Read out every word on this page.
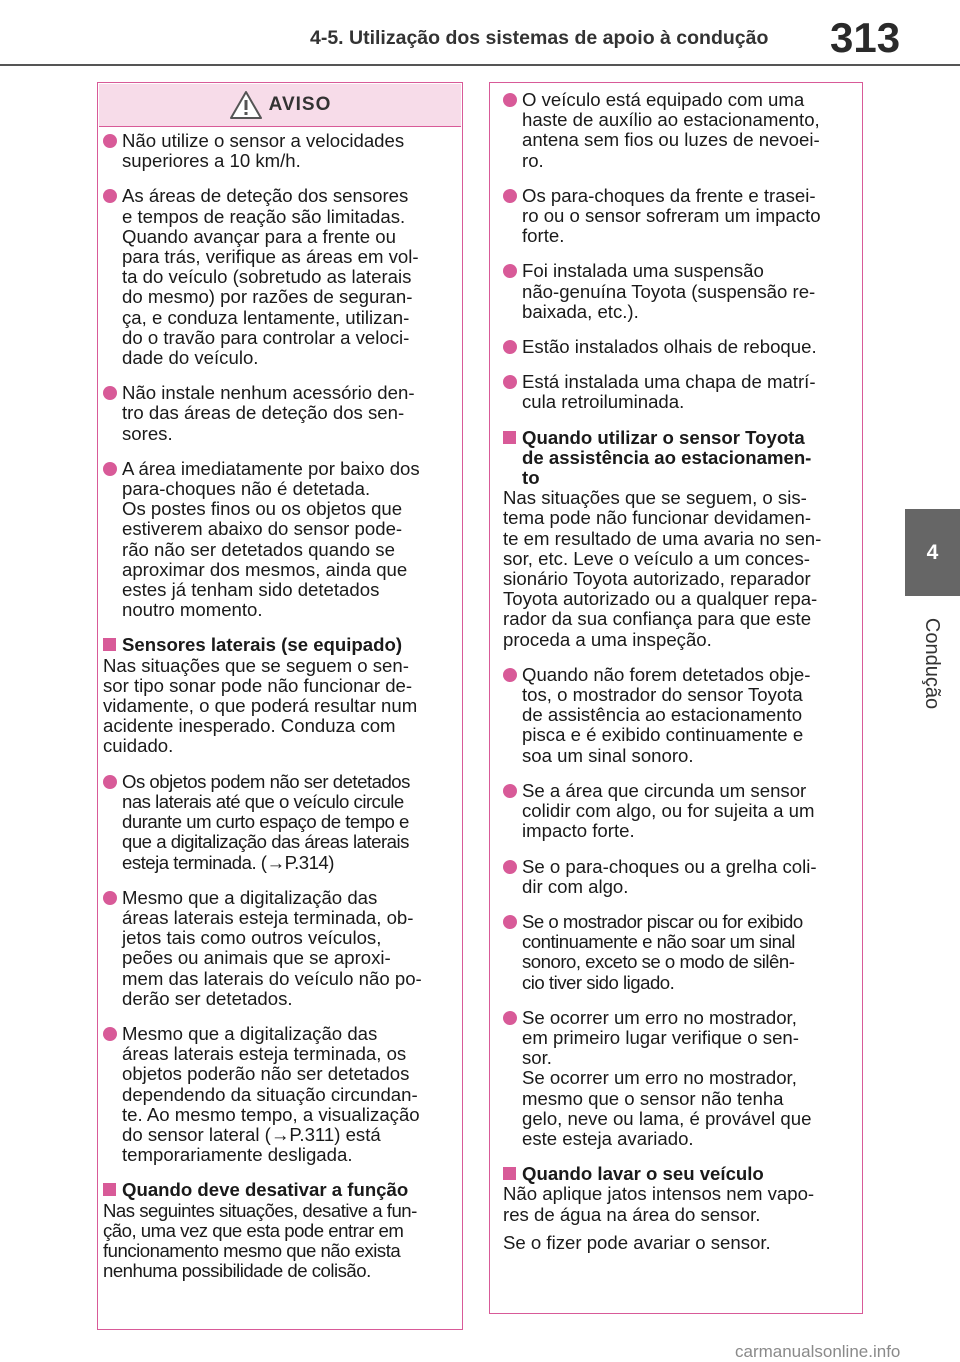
4-5. Utilização dos sistemas de apoio à condução 313
4
Condução
AVISO
Não utilize o sensor a velocidades
superiores a 10 km/h.
As áreas de deteção dos sensores
e tempos de reação são limitadas.
Quando avançar para a frente ou
para trás, verifique as áreas em vol-
ta do veículo (sobretudo as laterais
do mesmo) por razões de seguran-
ça, e conduza lentamente, utilizan-
do o travão para controlar a veloci-
dade do veículo.
Não instale nenhum acessório den-
tro das áreas de deteção dos sen-
sores.
A área imediatamente por baixo dos
para-choques não é detetada.
Os postes finos ou os objetos que
estiverem abaixo do sensor pode-
rão não ser detetados quando se
aproximar dos mesmos, ainda que
estes já tenham sido detetados
noutro momento.
Sensores laterais (se equipado)
Nas situações que se seguem o sen-
sor tipo sonar pode não funcionar de-
vidamente, o que poderá resultar num
acidente inesperado. Conduza com
cuidado.
Os objetos podem não ser detetados
nas laterais até que o veículo circule
durante um curto espaço de tempo e
que a digitalização das áreas laterais
esteja terminada. (→P.314)
Mesmo que a digitalização das
áreas laterais esteja terminada, ob-
jetos tais como outros veículos,
peões ou animais que se aproxi-
mem das laterais do veículo não po-
derão ser detetados.
Mesmo que a digitalização das
áreas laterais esteja terminada, os
objetos poderão não ser detetados
dependendo da situação circundan-
te. Ao mesmo tempo, a visualização
do sensor lateral (→P.311) está
temporariamente desligada.
Quando deve desativar a função
Nas seguintes situações, desative a fun-
ção, uma vez que esta pode entrar em
funcionamento mesmo que não exista
nenhuma possibilidade de colisão.
O veículo está equipado com uma
haste de auxílio ao estacionamento,
antena sem fios ou luzes de nevoei-
ro.
Os para-choques da frente e trasei-
ro ou o sensor sofreram um impacto
forte.
Foi instalada uma suspensão
não-genuína Toyota (suspensão re-
baixada, etc.).
Estão instalados olhais de reboque.
Está instalada uma chapa de matrí-
cula retroiluminada.
Quando utilizar o sensor Toyota
de assistência ao estacionamen-
to
Nas situações que se seguem, o sis-
tema pode não funcionar devidamen-
te em resultado de uma avaria no sen-
sor, etc. Leve o veículo a um conces-
sionário Toyota autorizado, reparador
Toyota autorizado ou a qualquer repa-
rador da sua confiança para que este
proceda a uma inspeção.
Quando não forem detetados obje-
tos, o mostrador do sensor Toyota
de assistência ao estacionamento
pisca e é exibido continuamente e
soa um sinal sonoro.
Se a área que circunda um sensor
colidir com algo, ou for sujeita a um
impacto forte.
Se o para-choques ou a grelha coli-
dir com algo.
Se o mostrador piscar ou for exibido
continuamente e não soar um sinal
sonoro, exceto se o modo de silên-
cio tiver sido ligado.
Se ocorrer um erro no mostrador,
em primeiro lugar verifique o sen-
sor.
Se ocorrer um erro no mostrador,
mesmo que o sensor não tenha
gelo, neve ou lama, é provável que
este esteja avariado.
Quando lavar o seu veículo
Não aplique jatos intensos nem vapo-
res de água na área do sensor.
Se o fizer pode avariar o sensor.
carmanualsonline.info
